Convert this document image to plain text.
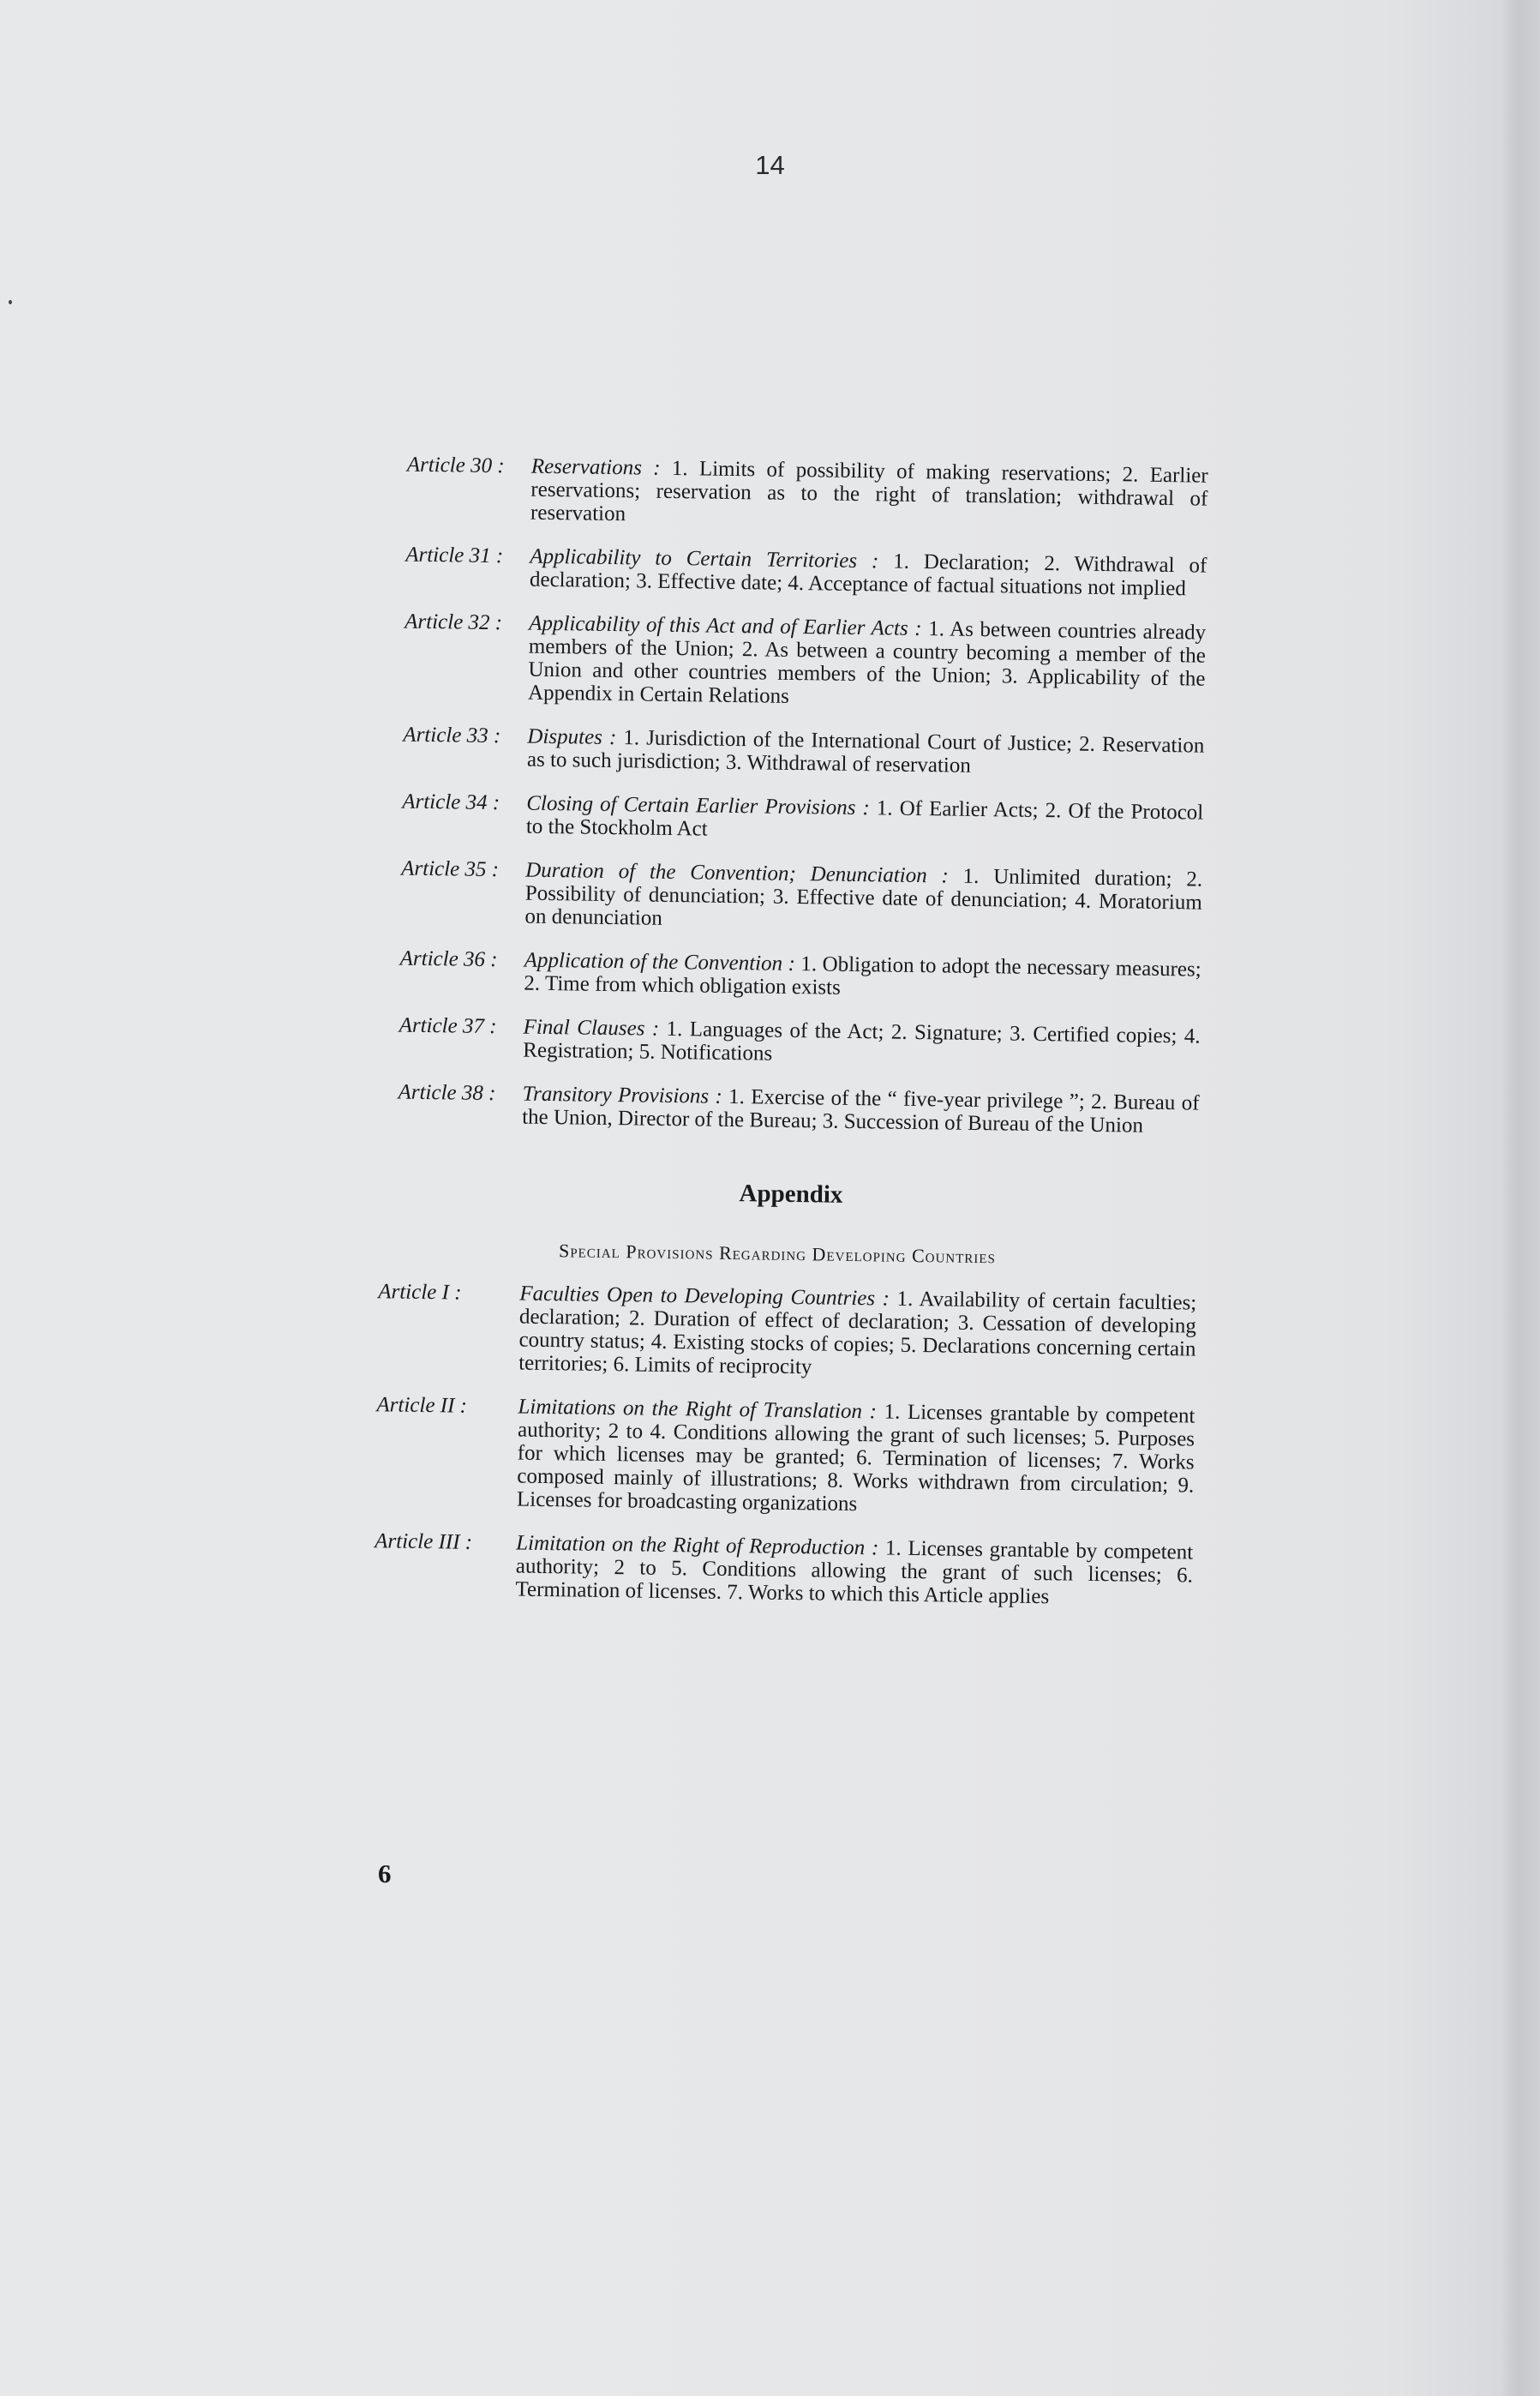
14
Article 30 :	Reservations : 1. Limits of possibility of making reservations; 2. Earlier reservations; reservation as to the right of translation; withdrawal of reservation
Article 31 :	Applicability to Certain Territories : 1. Declaration; 2. Withdrawal of declaration; 3. Effective date; 4. Acceptance of factual situations not implied
Article 32 :	Applicability of this Act and of Earlier Acts : 1. As between countries already members of the Union; 2. As between a country becoming a member of the Union and other countries members of the Union; 3. Applicability of the Appendix in Certain Relations
Article 33 :	Disputes : 1. Jurisdiction of the International Court of Justice; 2. Reservation as to such jurisdiction; 3. Withdrawal of reservation
Article 34 :	Closing of Certain Earlier Provisions : 1. Of Earlier Acts; 2. Of the Protocol to the Stockholm Act
Article 35 :	Duration of the Convention; Denunciation : 1. Unlimited duration; 2. Possibility of denunciation; 3. Effective date of denunciation; 4. Moratorium on denunciation
Article 36 :	Application of the Convention : 1. Obligation to adopt the necessary measures; 2. Time from which obligation exists
Article 37 :	Final Clauses : 1. Languages of the Act; 2. Signature; 3. Certified copies; 4. Registration; 5. Notifications
Article 38 :	Transitory Provisions : 1. Exercise of the “ five-year privilege ”; 2. Bureau of the Union, Director of the Bureau; 3. Succession of Bureau of the Union
Appendix
Special Provisions Regarding Developing Countries
Article I :	Faculties Open to Developing Countries : 1. Availability of certain faculties; declaration; 2. Duration of effect of declaration; 3. Cessation of developing country status; 4. Existing stocks of copies; 5. Declarations concerning certain territories; 6. Limits of reciprocity
Article II :	Limitations on the Right of Translation : 1. Licenses grantable by competent authority; 2 to 4. Conditions allowing the grant of such licenses; 5. Purposes for which licenses may be granted; 6. Termination of licenses; 7. Works composed mainly of illustrations; 8. Works withdrawn from circulation; 9. Licenses for broadcasting organizations
Article III :	Limitation on the Right of Reproduction : 1. Licenses grantable by competent authority; 2 to 5. Conditions allowing the grant of such licenses; 6. Termination of licenses. 7. Works to which this Article applies
6
